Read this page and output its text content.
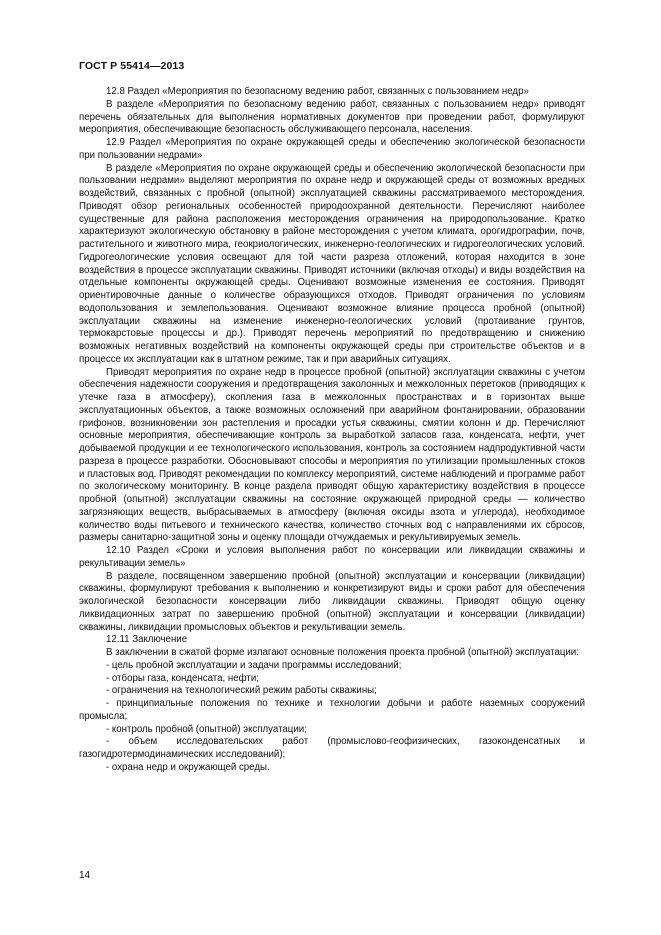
ГОСТ Р 55414—2013

12.8 Раздел «Мероприятия по безопасному ведению работ, связанных с пользованием недр»

В разделе «Мероприятия по безопасному ведению работ, связанных с пользованием недр» приводят перечень обязательных для выполнения нормативных документов при проведении работ, формулируют мероприятия, обеспечивающие безопасность обслуживающего персонала, населения.

12.9 Раздел «Мероприятия по охране окружающей среды и обеспечению экологической безопасности при пользовании недрами»

В разделе «Мероприятия по охране окружающей среды и обеспечению экологической безопасности при пользовании недрами» выделяют мероприятия по охране недр и окружающей среды от возможных вредных воздействий, связанных с пробной (опытной) эксплуатацией скважины рассматриваемого месторождения. Приводят обзор региональных особенностей природоохранной деятельности. Перечисляют наиболее существенные для района расположения месторождения ограничения на природопользование. Кратко характеризуют экологическую обстановку в районе месторождения с учетом климата, орогидрографии, почв, растительного и животного мира, геокриологических, инженерно-геологических и гидрогеологических условий. Гидрогеологические условия освещают для той части разреза отложений, которая находится в зоне воздействия в процессе эксплуатации скважины. Приводят источники (включая отходы) и виды воздействия на отдельные компоненты окружающей среды. Оценивают возможные изменения ее состояния. Приводят ориентировочные данные о количестве образующихся отходов. Приводят ограничения по условиям водопользования и землепользования. Оценивают возможное влияние процесса пробной (опытной) эксплуатации скважины на изменение инженерно-геологических условий (протаивание грунтов, термокарстовые процессы и др.). Приводят перечень мероприятий по предотвращению и снижению возможных негативных воздействий на компоненты окружающей среды при строительстве объектов и в процессе их эксплуатации как в штатном режиме, так и при аварийных ситуациях.

Приводят мероприятия по охране недр в процессе пробной (опытной) эксплуатации скважины с учетом обеспечения надежности сооружения и предотвращения заколонных и межколонных перетоков (приводящих к утечке газа в атмосферу), скопления газа в межколонных пространствах и в горизонтах выше эксплуатационных объектов, а также возможных осложнений при аварийном фонтанировании, образовании грифонов, возникновении зон растепления и просадки устья скважины, смятии колонн и др. Перечисляют основные мероприятия, обеспечивающие контроль за выработкой запасов газа, конденсата, нефти, учет добываемой продукции и ее технологического использования, контроль за состоянием надпродуктивной части разреза в процессе разработки. Обосновывают способы и мероприятия по утилизации промышленных стоков и пластовых вод. Приводят рекомендации по комплексу мероприятий, системе наблюдений и программе работ по экологическому мониторингу. В конце раздела приводят общую характеристику воздействия в процессе пробной (опытной) эксплуатации скважины на состояние окружающей природной среды — количество загрязняющих веществ, выбрасываемых в атмосферу (включая оксиды азота и углерода), необходимое количество воды питьевого и технического качества, количество сточных вод с направлениями их сбросов, размеры санитарно-защитной зоны и оценку площади отчуждаемых и рекультивируемых земель.

12.10 Раздел «Сроки и условия выполнения работ по консервации или ликвидации скважины и рекультивации земель»

В разделе, посвященном завершению пробной (опытной) эксплуатации и консервации (ликвидации) скважины, формулируют требования к выполнению и конкретизируют виды и сроки работ для обеспечения экологической безопасности консервации либо ликвидации скважины. Приводят общую оценку ликвидационных затрат по завершению пробной (опытной) эксплуатации и консервации (ликвидации) скважины, ликвидации промысловых объектов и рекультивации земель.

12.11 Заключение

В заключении в сжатой форме излагают основные положения проекта пробной (опытной) эксплуатации:

- цель пробной эксплуатации и задачи программы исследований;

- отборы газа, конденсата, нефти;

- ограничения на технологический режим работы скважины;

- принципиальные положения по технике и технологии добычи и работе наземных сооружений промысла;

- контроль пробной (опытной) эксплуатации;

- объем исследовательских работ (промыслово-геофизических, газоконденсатных и газогидротермодинамических исследований);

- охрана недр и окружающей среды.

14
